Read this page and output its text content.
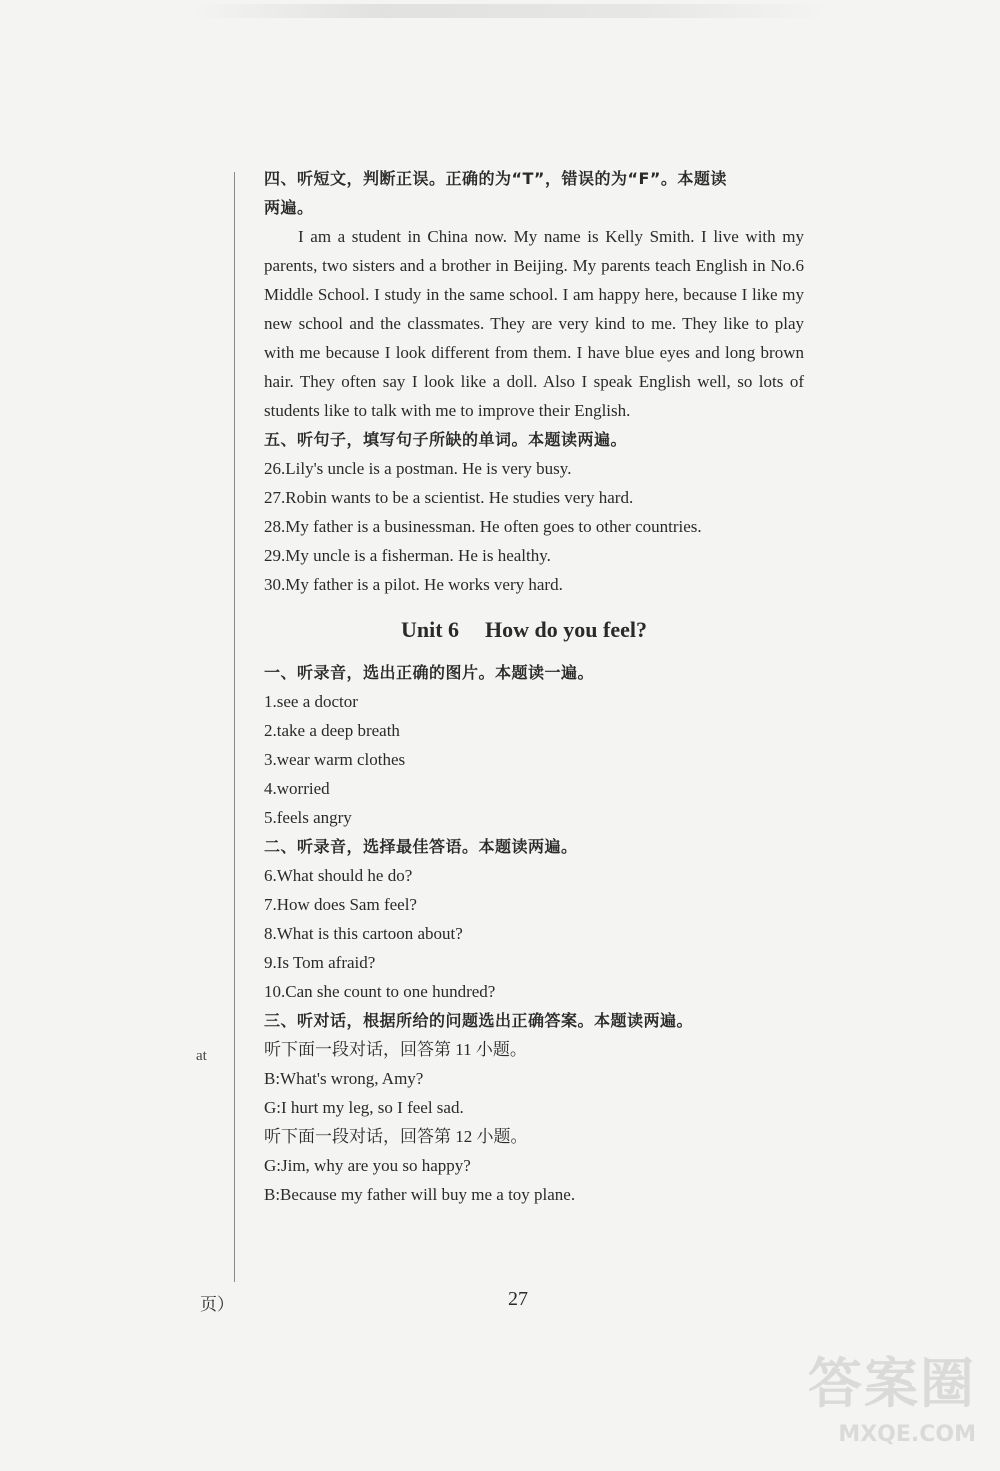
at
四、听短文，判断正误。正确的为“T”，错误的为“F”。本题读
两遍。
I am a student in China now. My name is Kelly Smith. I live with my parents, two sisters and a brother in Beijing. My parents teach English in No.6 Middle School. I study in the same school. I am happy here, because I like my new school and the classmates. They are very kind to me. They like to play with me because I look different from them. I have blue eyes and long brown hair. They often say I look like a doll. Also I speak English well, so lots of students like to talk with me to improve their English.
五、听句子，填写句子所缺的单词。本题读两遍。
26.Lily's uncle is a postman. He is very busy.
27.Robin wants to be a scientist. He studies very hard.
28.My father is a businessman. He often goes to other countries.
29.My uncle is a fisherman. He is healthy.
30.My father is a pilot. He works very hard.
Unit 6 How do you feel?
一、听录音，选出正确的图片。本题读一遍。
1.see a doctor
2.take a deep breath
3.wear warm clothes
4.worried
5.feels angry
二、听录音，选择最佳答语。本题读两遍。
6.What should he do?
7.How does Sam feel?
8.What is this cartoon about?
9.Is Tom afraid?
10.Can she count to one hundred?
三、听对话，根据所给的问题选出正确答案。本题读两遍。
听下面一段对话，回答第 11 小题。
B:What's wrong, Amy?
G:I hurt my leg, so I feel sad.
听下面一段对话，回答第 12 小题。
G:Jim, why are you so happy?
B:Because my father will buy me a toy plane.
页）	27
答案圈
MXQE.COM
